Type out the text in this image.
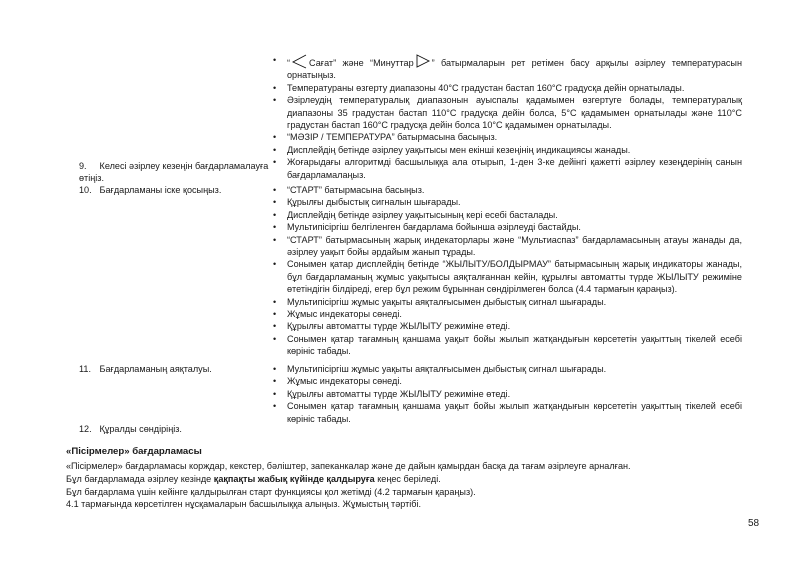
• “ Сағат” және “Минуттар ” батырмаларын рет ретімен басу арқылы әзірлеу температурасын орнатыңыз.
• Температураны өзгерту диапазоны 40°С градустан бастап 160°С градусқа дейін орнатылады.
• Әзірлеудің температуралық диапазонын ауыспалы қадамымен өзгертуге болады, температуралық диапазоны 35 градустан бастап 110°С градусқа дейін болса, 5°С қадамымен орнатылады және 110°С градустан бастап 160°С градусқа дейін болса 10°С қадамымен орнатылады.
• “МӘЗІР / ТЕМПЕРАТУРА” батырмасына басыңыз.
• Дисплейдің бетінде әзірлеу уақытысы мен екінші кезеңінің индикациясы жанады.
• Жоғарыдағы алгоритмді басшылыққа ала отырып, 1-ден 3-ке дейінгі қажетті әзірлеу кезеңдерінің санын бағдарламалаңыз.
9. Келесі әзірлеу кезеңін бағдарламалауға өтіңіз.
10. Бағдарламаны іске қосыңыз.	• “СТАРТ” батырмасына басыңыз.
• Құрылғы дыбыстық сигналын шығарады.
• Дисплейдің бетінде әзірлеу уақытысының кері есебі басталады.
• Мультипісіргіш белгіленген бағдарлама бойынша әзірлеуді бастайды.
• “СТАРТ” батырмасының жарық индекаторлары және “Мультиаспаз” бағдарламасының атауы жанады да, әзірлеу уақыт бойы әрдайым жанып тұрады.
• Сонымен қатар дисплейдің бетінде “ЖЫЛЫТУ/БОЛДЫРМАУ” батырмасының жарық индикаторы жанады, бұл бағдарламаның жұмыс уақытысы аяқталғаннан кейін, құрылғы автоматты түрде ЖЫЛЫТУ режиміне өтетіндігін білдіреді, егер бұл режим бұрыннан сөндірілмеген болса (4.4 тармағын қараңыз).
• Мультипісіргіш жұмыс уақыты аяқталғысымен дыбыстық сигнал шығарады.
• Жұмыс индекаторы сөнеді.
• Құрылғы автоматты түрде ЖЫЛЫТУ режиміне өтеді.
• Сонымен қатар тағамның қаншама уақыт бойы жылып жатқандығын көрсететін уақыттың тікелей есебі көрініс табады.
11. Бағдарламаның аяқталуы.	• Мультипісіргіш жұмыс уақыты аяқталғысымен дыбыстық сигнал шығарады.
• Жұмыс индекаторы сөнеді.
• Құрылғы автоматты түрде ЖЫЛЫТУ режиміне өтеді.
• Сонымен қатар тағамның қаншама уақыт бойы жылып жатқандығын көрсететін уақыттың тікелей есебі көрініс табады.
12. Құралды сөндіріңіз.
«Пісірмелер» бағдарламасы
«Пісірмелер» бағдарламасы корждар, кекстер, бәліштер, запеканкалар және де дайын қамырдан басқа да тағам әзірлеуге арналған.
Бұл бағдарламада әзірлеу кезінде қақпақты жабық күйінде қалдыруға кеңес беріледі.
Бұл бағдарлама үшін кейінге қалдырылған старт функциясы қол жетімді (4.2 тармағын қараңыз).
4.1 тармағында көрсетілген нұсқамаларын басшылыққа алыңыз. Жұмыстың тәртібі.
58
